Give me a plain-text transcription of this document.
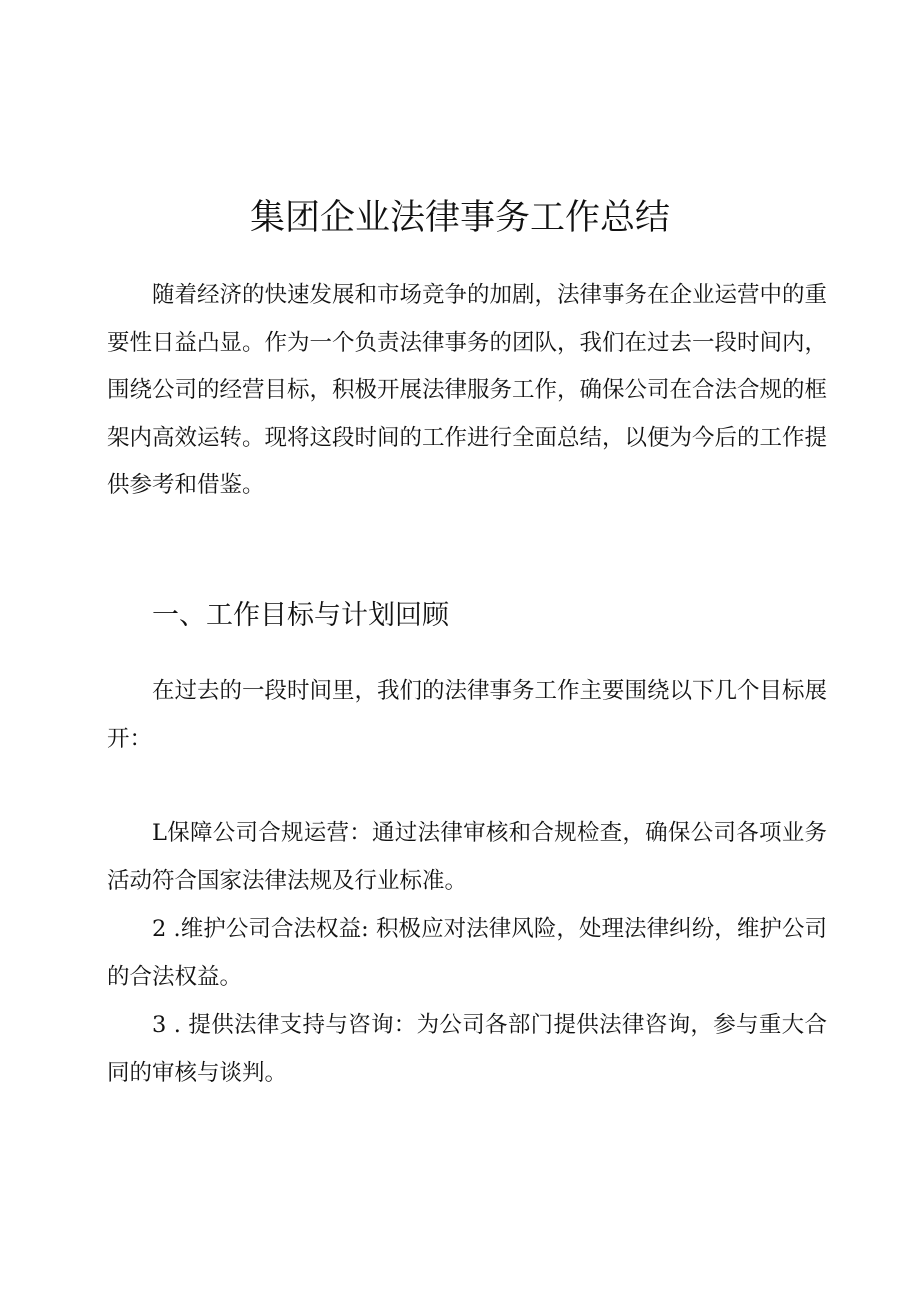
集团企业法律事务工作总结

随着经济的快速发展和市场竞争的加剧，法律事务在企业运营中的重要性日益凸显。作为一个负责法律事务的团队，我们在过去一段时间内，围绕公司的经营目标，积极开展法律服务工作，确保公司在合法合规的框架内高效运转。现将这段时间的工作进行全面总结，以便为今后的工作提供参考和借鉴。

一、工作目标与计划回顾

在过去的一段时间里，我们的法律事务工作主要围绕以下几个目标展开：

L保障公司合规运营：通过法律审核和合规检查，确保公司各项业务活动符合国家法律法规及行业标准。

2 .维护公司合法权益: 积极应对法律风险，处理法律纠纷，维护公司的合法权益。

3 . 提供法律支持与咨询：为公司各部门提供法律咨询，参与重大合同的审核与谈判。
